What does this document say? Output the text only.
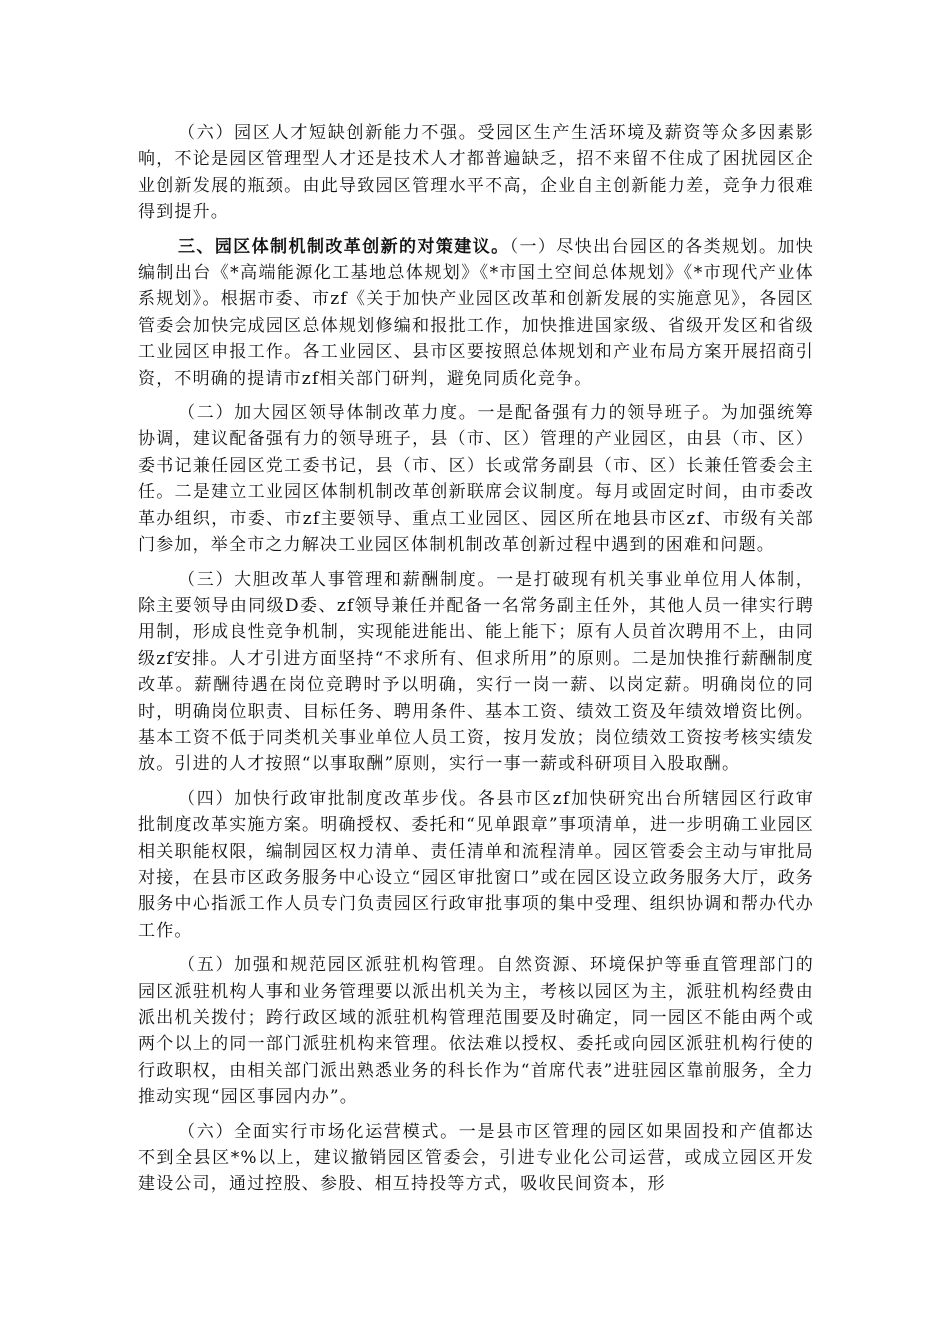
（六）园区人才短缺创新能力不强。受园区生产生活环境及薪资等众多因素影响，不论是园区管理型人才还是技术人才都普遍缺乏，招不来留不住成了困扰园区企业创新发展的瓶颈。由此导致园区管理水平不高，企业自主创新能力差，竞争力很难得到提升。

三、园区体制机制改革创新的对策建议。（一）尽快出台园区的各类规划。加快编制出台《*高端能源化工基地总体规划》《*市国土空间总体规划》《*市现代产业体系规划》。根据市委、市zf《关于加快产业园区改革和创新发展的实施意见》，各园区管委会加快完成园区总体规划修编和报批工作，加快推进国家级、省级开发区和省级工业园区申报工作。各工业园区、县市区要按照总体规划和产业布局方案开展招商引资，不明确的提请市zf相关部门研判，避免同质化竞争。

（二）加大园区领导体制改革力度。一是配备强有力的领导班子。为加强统筹协调，建议配备强有力的领导班子，县（市、区）管理的产业园区，由县（市、区）委书记兼任园区党工委书记，县（市、区）长或常务副县（市、区）长兼任管委会主任。二是建立工业园区体制机制改革创新联席会议制度。每月或固定时间，由市委改革办组织，市委、市zf主要领导、重点工业园区、园区所在地县市区zf、市级有关部门参加，举全市之力解决工业园区体制机制改革创新过程中遇到的困难和问题。

（三）大胆改革人事管理和薪酬制度。一是打破现有机关事业单位用人体制，除主要领导由同级D委、zf领导兼任并配备一名常务副主任外，其他人员一律实行聘用制，形成良性竞争机制，实现能进能出、能上能下；原有人员首次聘用不上，由同级zf安排。人才引进方面坚持“不求所有、但求所用”的原则。二是加快推行薪酬制度改革。薪酬待遇在岗位竞聘时予以明确，实行一岗一薪、以岗定薪。明确岗位的同时，明确岗位职责、目标任务、聘用条件、基本工资、绩效工资及年绩效增资比例。基本工资不低于同类机关事业单位人员工资，按月发放；岗位绩效工资按考核实绩发放。引进的人才按照“以事取酬”原则，实行一事一薪或科研项目入股取酬。

（四）加快行政审批制度改革步伐。各县市区zf加快研究出台所辖园区行政审批制度改革实施方案。明确授权、委托和“见单跟章”事项清单，进一步明确工业园区相关职能权限，编制园区权力清单、责任清单和流程清单。园区管委会主动与审批局对接，在县市区政务服务中心设立“园区审批窗口”或在园区设立政务服务大厅，政务服务中心指派工作人员专门负责园区行政审批事项的集中受理、组织协调和帮办代办工作。

（五）加强和规范园区派驻机构管理。自然资源、环境保护等垂直管理部门的园区派驻机构人事和业务管理要以派出机关为主，考核以园区为主，派驻机构经费由派出机关拨付；跨行政区域的派驻机构管理范围要及时确定，同一园区不能由两个或两个以上的同一部门派驻机构来管理。依法难以授权、委托或向园区派驻机构行使的行政职权，由相关部门派出熟悉业务的科长作为“首席代表”进驻园区靠前服务，全力推动实现“园区事园内办”。

（六）全面实行市场化运营模式。一是县市区管理的园区如果固投和产值都达不到全县区*%以上，建议撤销园区管委会，引进专业化公司运营，或成立园区开发建设公司，通过控股、参股、相互持投等方式，吸收民间资本，形
